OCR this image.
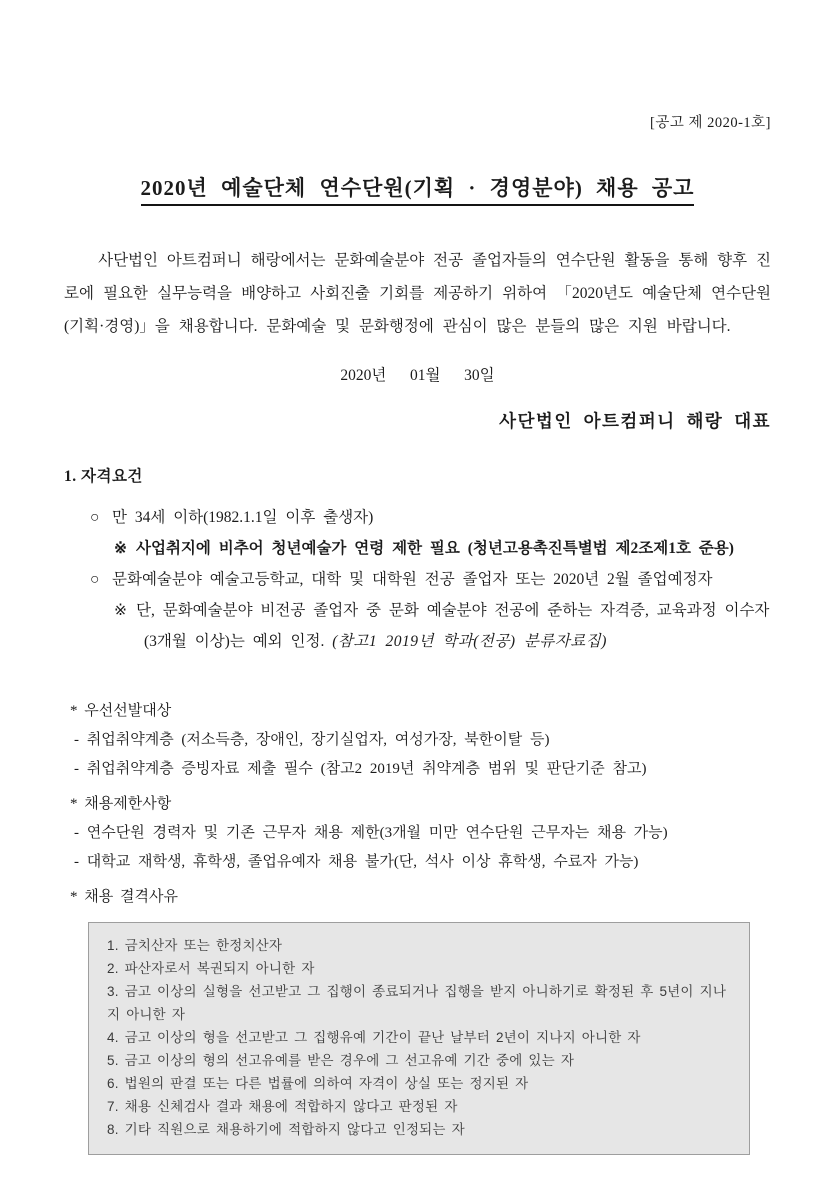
[공고 제 2020-1호]
2020년 예술단체 연수단원(기획 · 경영분야) 채용 공고

사단법인 아트컴퍼니 해랑에서는 문화예술분야 전공 졸업자들의 연수단원 활동을 통해 향후 진로에 필요한 실무능력을 배양하고 사회진출 기회를 제공하기 위하여 「2020년도 예술단체 연수단원(기획·경영)」을 채용합니다. 문화예술 및 문화행정에 관심이 많은 분들의 많은 지원 바랍니다.

2020년   01월   30일
사단법인 아트컴퍼니 해랑 대표
1. 자격요건
○ 만 34세 이하(1982.1.1일 이후 출생자)
※ 사업취지에 비추어 청년예술가 연령 제한 필요 (청년고용촉진특별법 제2조제1호 준용)
○ 문화예술분야 예술고등학교, 대학 및 대학원 전공 졸업자 또는 2020년 2월 졸업예정자
※ 단, 문화예술분야 비전공 졸업자 중 문화 예술분야 전공에 준하는 자격증, 교육과정 이수자
(3개월 이상)는 예외 인정. (참고1 2019년 학과(전공) 분류자료집)
* 우선선발대상
- 취업취약계층 (저소득층, 장애인, 장기실업자, 여성가장, 북한이탈 등)
- 취업취약계층 증빙자료 제출 필수 (참고2 2019년 취약계층 범위 및 판단기준 참고)
* 채용제한사항
- 연수단원 경력자 및 기존 근무자 채용 제한(3개월 미만 연수단원 근무자는 채용 가능)
- 대학교 재학생, 휴학생, 졸업유예자 채용 불가(단, 석사 이상 휴학생, 수료자 가능)
* 채용 결격사유
1. 금치산자 또는 한정치산자
2. 파산자로서 복권되지 아니한 자
3. 금고 이상의 실형을 선고받고 그 집행이 종료되거나 집행을 받지 아니하기로 확정된 후 5년이 지나지 아니한 자
4. 금고 이상의 형을 선고받고 그 집행유예 기간이 끝난 날부터 2년이 지나지 아니한 자
5. 금고 이상의 형의 선고유예를 받은 경우에 그 선고유예 기간 중에 있는 자
6. 법원의 판결 또는 다른 법률에 의하여 자격이 상실 또는 정지된 자
7. 채용 신체검사 결과 채용에 적합하지 않다고 판정된 자
8. 기타 직원으로 채용하기에 적합하지 않다고 인정되는 자
